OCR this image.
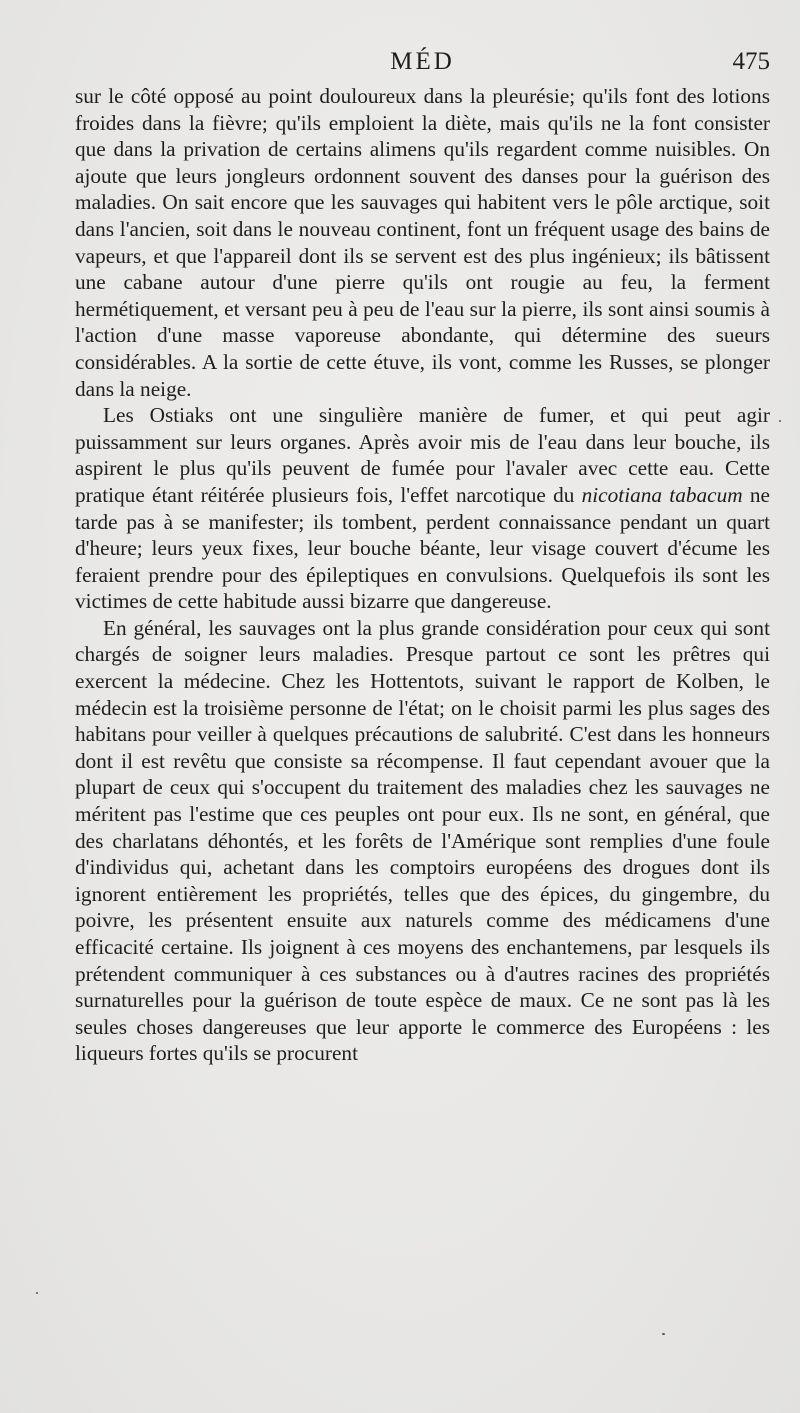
MÉD	475

sur le côté opposé au point douloureux dans la pleurésie; qu'ils font des lotions froides dans la fièvre; qu'ils emploient la diète, mais qu'ils ne la font consister que dans la privation de certains alimens qu'ils regardent comme nuisibles. On ajoute que leurs jongleurs ordonnent souvent des danses pour la guérison des maladies. On sait encore que les sauvages qui habitent vers le pôle arctique, soit dans l'ancien, soit dans le nouveau continent, font un fréquent usage des bains de vapeurs, et que l'appareil dont ils se servent est des plus ingénieux; ils bâtissent une cabane autour d'une pierre qu'ils ont rougie au feu, la ferment hermétiquement, et versant peu à peu de l'eau sur la pierre, ils sont ainsi soumis à l'action d'une masse vaporeuse abondante, qui détermine des sueurs considérables. A la sortie de cette étuve, ils vont, comme les Russes, se plonger dans la neige.

Les Ostiaks ont une singulière manière de fumer, et qui peut agir puissamment sur leurs organes. Après avoir mis de l'eau dans leur bouche, ils aspirent le plus qu'ils peuvent de fumée pour l'avaler avec cette eau. Cette pratique étant réitérée plusieurs fois, l'effet narcotique du nicotiana tabacum ne tarde pas à se manifester; ils tombent, perdent connaissance pendant un quart d'heure; leurs yeux fixes, leur bouche béante, leur visage couvert d'écume les feraient prendre pour des épileptiques en convulsions. Quelquefois ils sont les victimes de cette habitude aussi bizarre que dangereuse.

En général, les sauvages ont la plus grande considération pour ceux qui sont chargés de soigner leurs maladies. Presque partout ce sont les prêtres qui exercent la médecine. Chez les Hottentots, suivant le rapport de Kolben, le médecin est la troisième personne de l'état; on le choisit parmi les plus sages des habitans pour veiller à quelques précautions de salubrité. C'est dans les honneurs dont il est revêtu que consiste sa récompense. Il faut cependant avouer que la plupart de ceux qui s'occupent du traitement des maladies chez les sauvages ne méritent pas l'estime que ces peuples ont pour eux. Ils ne sont, en général, que des charlatans déhontés, et les forêts de l'Amérique sont remplies d'une foule d'individus qui, achetant dans les comptoirs européens des drogues dont ils ignorent entièrement les propriétés, telles que des épices, du gingembre, du poivre, les présentent ensuite aux naturels comme des médicamens d'une efficacité certaine. Ils joignent à ces moyens des enchantemens, par lesquels ils prétendent communiquer à ces substances ou à d'autres racines des propriétés surnaturelles pour la guérison de toute espèce de maux. Ce ne sont pas là les seules choses dangereuses que leur apporte le commerce des Européens : les liqueurs fortes qu'ils se procurent
